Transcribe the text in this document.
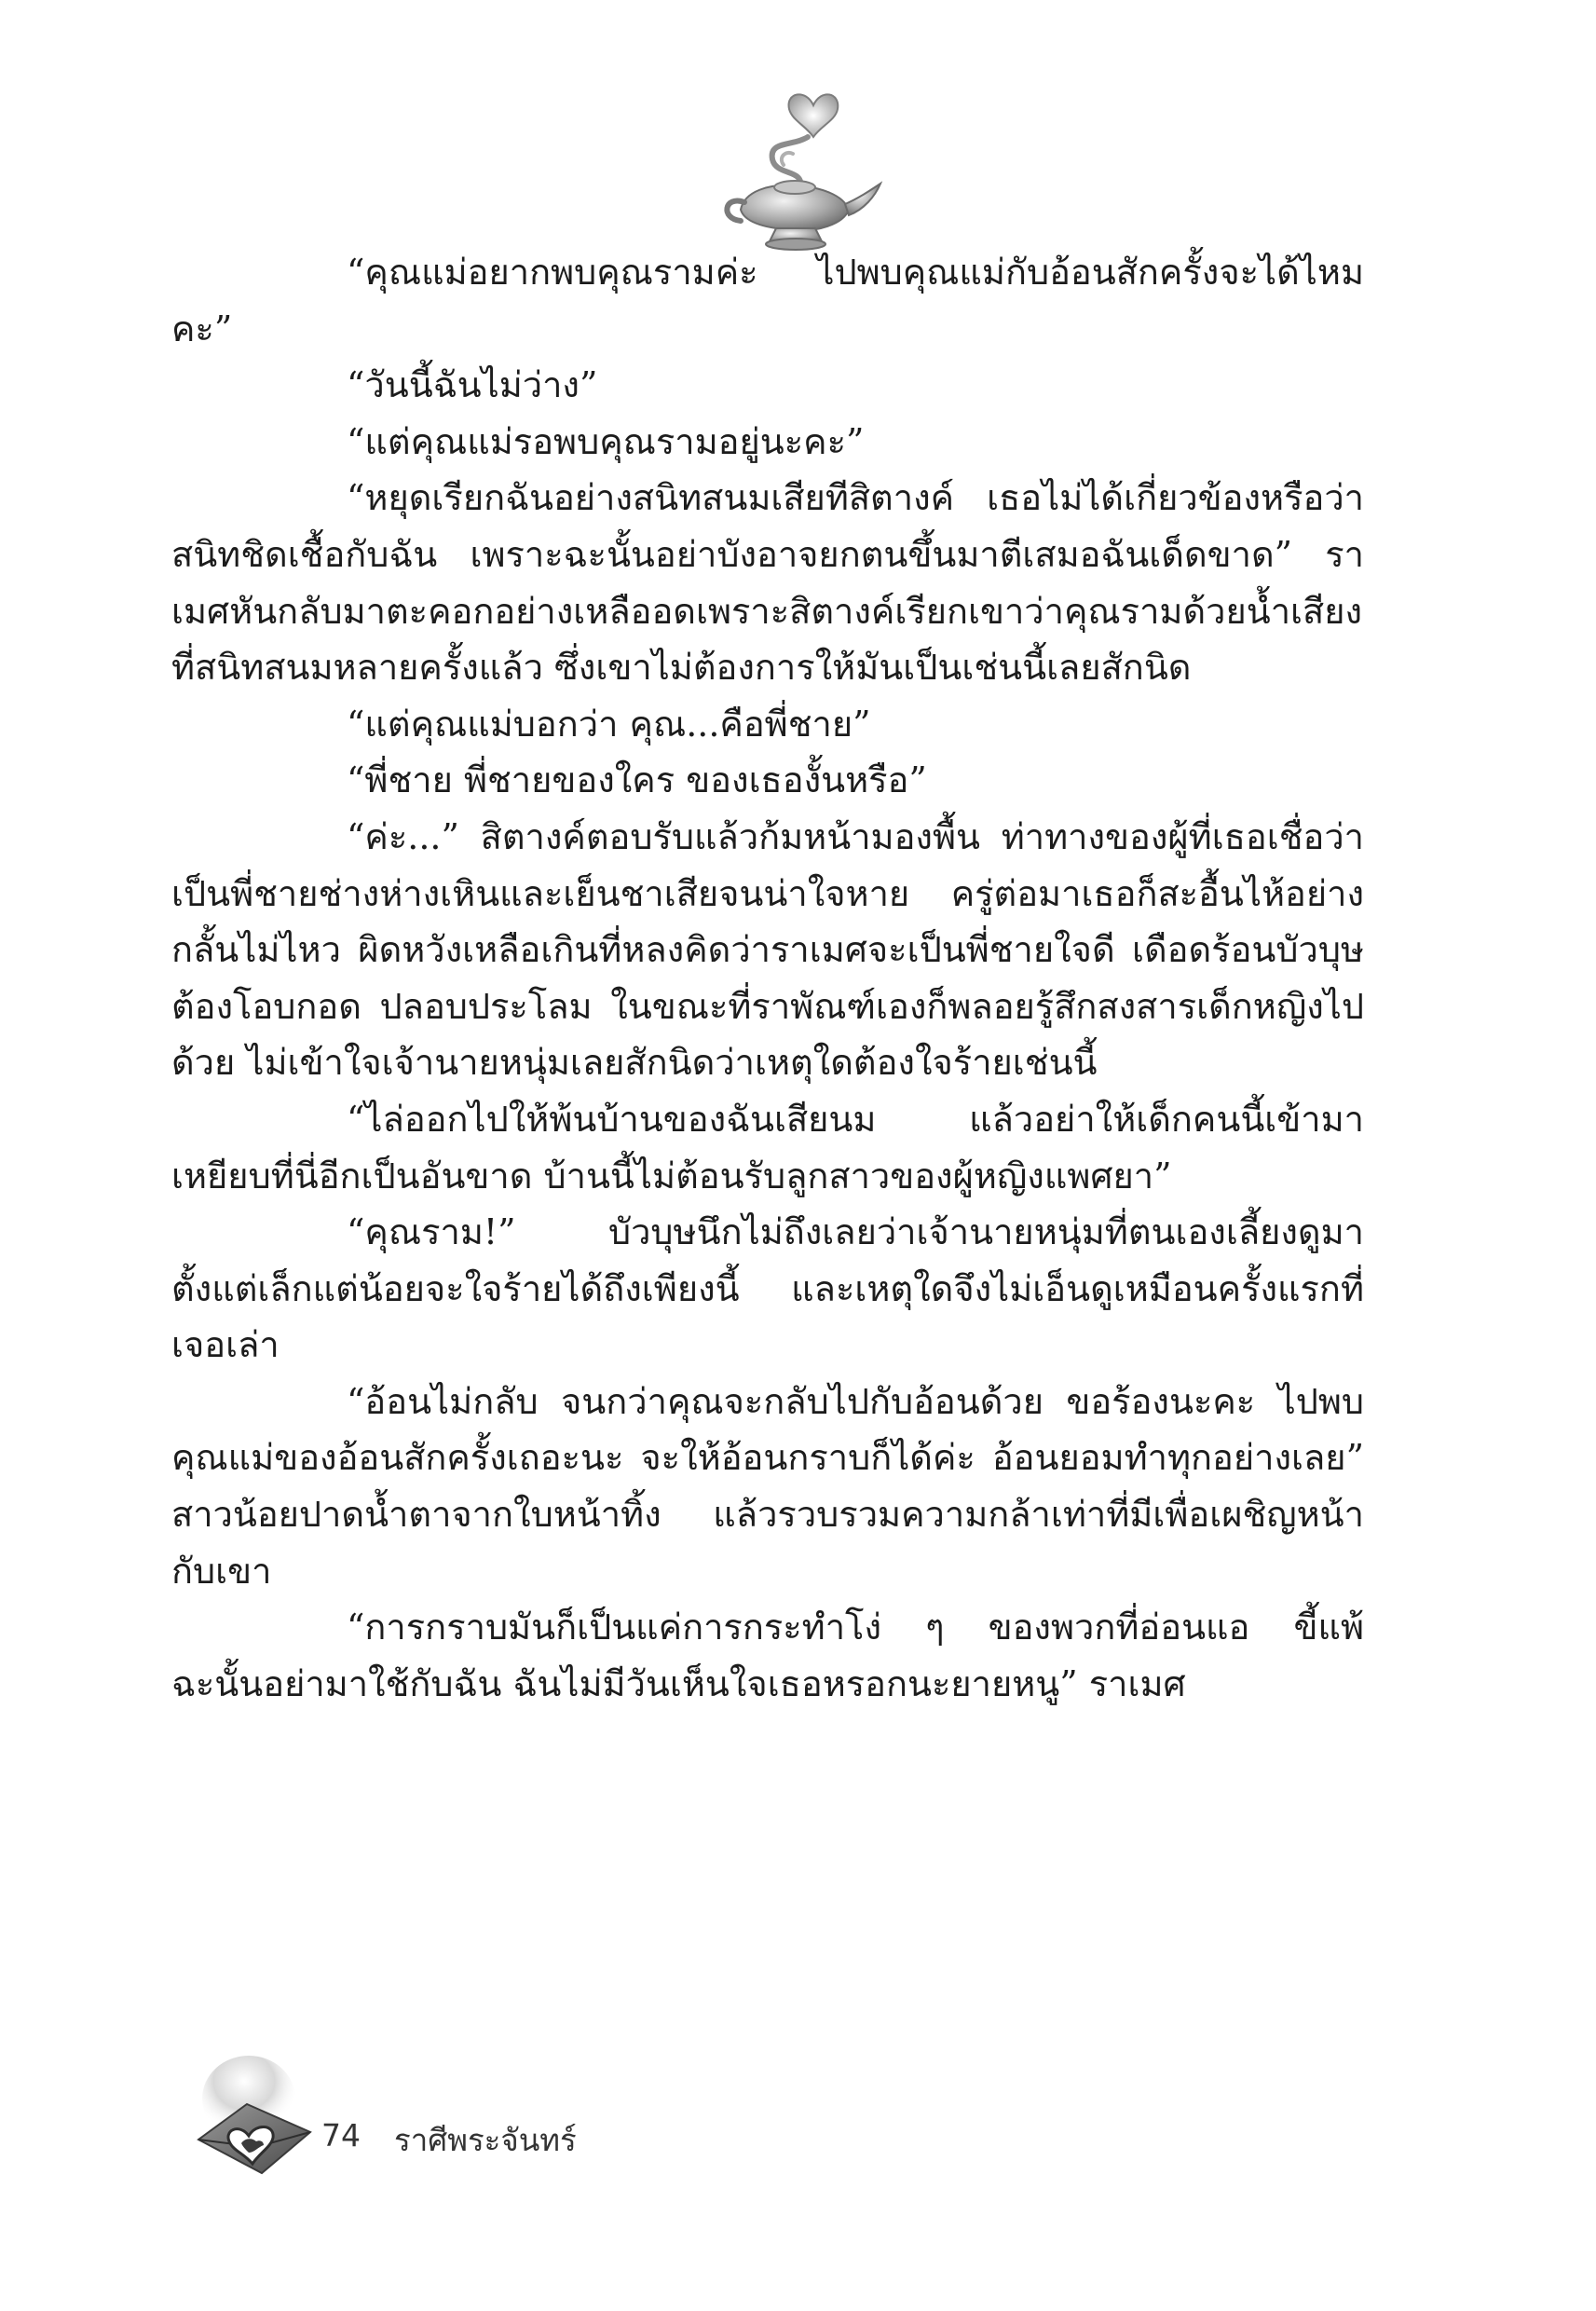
“คุณแม่อยากพบคุณรามค่ะ ไปพบคุณแม่กับอ้อนสักครั้งจะได้ไหมคะ”

“วันนี้ฉันไม่ว่าง”

“แต่คุณแม่รอพบคุณรามอยู่นะคะ”

“หยุดเรียกฉันอย่างสนิทสนมเสียทีสิตางค์ เธอไม่ได้เกี่ยวข้องหรือว่าสนิทชิดเชื้อกับฉัน เพราะฉะนั้นอย่าบังอาจยกตนขึ้นมาตีเสมอฉันเด็ดขาด” ราเมศหันกลับมาตะคอกอย่างเหลืออดเพราะสิตางค์เรียกเขาว่าคุณรามด้วยน้ำเสียงที่สนิทสนมหลายครั้งแล้ว ซึ่งเขาไม่ต้องการให้มันเป็นเช่นนี้เลยสักนิด

“แต่คุณแม่บอกว่า คุณ...คือพี่ชาย”

“พี่ชาย พี่ชายของใคร ของเธองั้นหรือ”

“ค่ะ...” สิตางค์ตอบรับแล้วก้มหน้ามองพื้น ท่าทางของผู้ที่เธอเชื่อว่าเป็นพี่ชายช่างห่างเหินและเย็นชาเสียจนน่าใจหาย ครู่ต่อมาเธอก็สะอื้นไห้อย่างกลั้นไม่ไหว ผิดหวังเหลือเกินที่หลงคิดว่าราเมศจะเป็นพี่ชายใจดี เดือดร้อนบัวบุษต้องโอบกอด ปลอบประโลม ในขณะที่ราพัณฑ์เองก็พลอยรู้สึกสงสารเด็กหญิงไปด้วย ไม่เข้าใจเจ้านายหนุ่มเลยสักนิดว่าเหตุใดต้องใจร้ายเช่นนี้

“ไล่ออกไปให้พ้นบ้านของฉันเสียนม แล้วอย่าให้เด็กคนนี้เข้ามาเหยียบที่นี่อีกเป็นอันขาด บ้านนี้ไม่ต้อนรับลูกสาวของผู้หญิงแพศยา”

“คุณราม!” บัวบุษนึกไม่ถึงเลยว่าเจ้านายหนุ่มที่ตนเองเลี้ยงดูมาตั้งแต่เล็กแต่น้อยจะใจร้ายได้ถึงเพียงนี้ และเหตุใดจึงไม่เอ็นดูเหมือนครั้งแรกที่เจอเล่า

“อ้อนไม่กลับ จนกว่าคุณจะกลับไปกับอ้อนด้วย ขอร้องนะคะ ไปพบคุณแม่ของอ้อนสักครั้งเถอะนะ จะให้อ้อนกราบก็ได้ค่ะ อ้อนยอมทำทุกอย่างเลย” สาวน้อยปาดน้ำตาจากใบหน้าทิ้ง แล้วรวบรวมความกล้าเท่าที่มีเพื่อเผชิญหน้ากับเขา

“การกราบมันก็เป็นแค่การกระทำโง่ ๆ ของพวกที่อ่อนแอ ขี้แพ้ ฉะนั้นอย่ามาใช้กับฉัน ฉันไม่มีวันเห็นใจเธอหรอกนะยายหนู” ราเมศ

74 ราศีพระจันทร์
